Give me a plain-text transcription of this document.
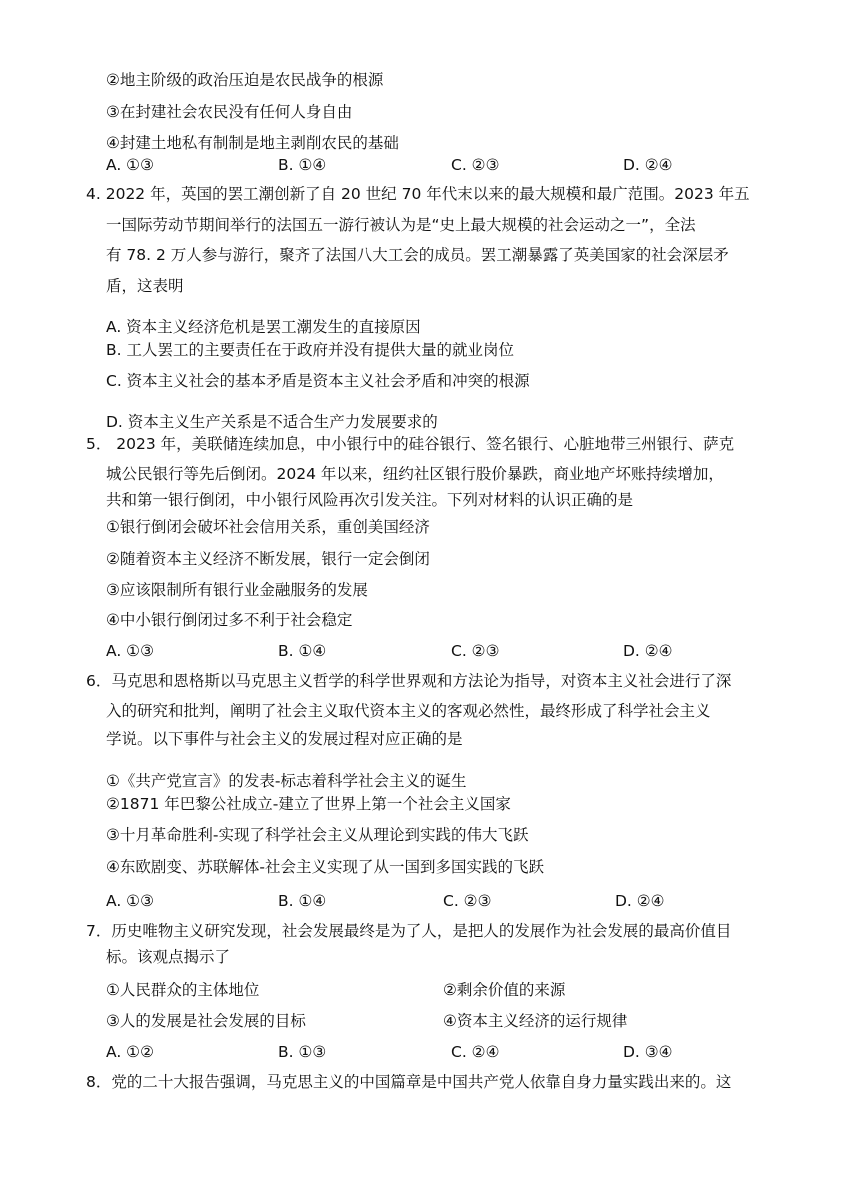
②地主阶级的政治压迫是农民战争的根源
③在封建社会农民没有任何人身自由
④封建土地私有制制是地主剥削农民的基础
A. ①③	B. ①④	C. ②③	D. ②④
4. 2022 年，英国的罢工潮创新了自 20 世纪 70 年代末以来的最大规模和最广范围。2023 年五
一国际劳动节期间举行的法国五一游行被认为是“史上最大规模的社会运动之一”，全法
有 78. 2 万人参与游行，聚齐了法国八大工会的成员。罢工潮暴露了英美国家的社会深层矛
盾，这表明
A. 资本主义经济危机是罢工潮发生的直接原因
B. 工人罢工的主要责任在于政府并没有提供大量的就业岗位
C. 资本主义社会的基本矛盾是资本主义社会矛盾和冲突的根源
D. 资本主义生产关系是不适合生产力发展要求的
5． 2023 年，美联储连续加息，中小银行中的硅谷银行、签名银行、心脏地带三州银行、萨克
城公民银行等先后倒闭。2024 年以来，纽约社区银行股价暴跌，商业地产坏账持续增加，
共和第一银行倒闭，中小银行风险再次引发关注。下列对材料的认识正确的是
①银行倒闭会破坏社会信用关系，重创美国经济
②随着资本主义经济不断发展，银行一定会倒闭
③应该限制所有银行业金融服务的发展
④中小银行倒闭过多不利于社会稳定
A. ①③	B. ①④	C. ②③	D. ②④
6．马克思和恩格斯以马克思主义哲学的科学世界观和方法论为指导，对资本主义社会进行了深
入的研究和批判，阐明了社会主义取代资本主义的客观必然性，最终形成了科学社会主义
学说。以下事件与社会主义的发展过程对应正确的是
①《共产党宣言》的发表-标志着科学社会主义的诞生
②1871 年巴黎公社成立-建立了世界上第一个社会主义国家
③十月革命胜利-实现了科学社会主义从理论到实践的伟大飞跃
④东欧剧变、苏联解体-社会主义实现了从一国到多国实践的飞跃
A. ①③	B. ①④	C. ②③	D. ②④
7．历史唯物主义研究发现，社会发展最终是为了人，是把人的发展作为社会发展的最高价值目
标。该观点揭示了
①人民群众的主体地位	②剩余价值的来源
③人的发展是社会发展的目标	④资本主义经济的运行规律
A. ①②	B. ①③	C. ②④	D. ③④
8．党的二十大报告强调，马克思主义的中国篇章是中国共产党人依靠自身力量实践出来的。这
